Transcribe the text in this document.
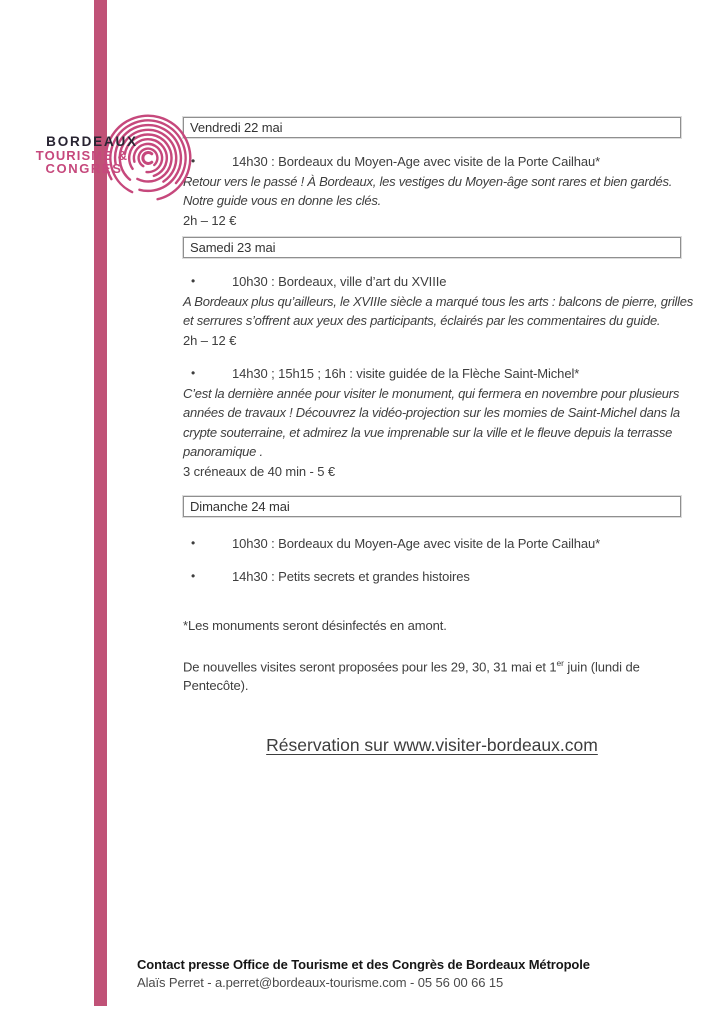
BORDEAUX
TOURISME &
CONGRÈS
Vendredi 22 mai
•	14h30 : Bordeaux du Moyen-Age avec visite de la Porte Cailhau*
Retour vers le passé ! À Bordeaux, les vestiges du Moyen-âge sont rares et bien gardés.
Notre guide vous en donne les clés.
2h – 12 €
Samedi 23 mai
•	10h30 : Bordeaux, ville d’art du XVIIIe
A Bordeaux plus qu’ailleurs, le XVIIIe siècle a marqué tous les arts : balcons de pierre, grilles
et serrures s’offrent aux yeux des participants, éclairés par les commentaires du guide.
2h – 12 €
•	14h30 ; 15h15 ; 16h : visite guidée de la Flèche Saint-Michel*
C’est la dernière année pour visiter le monument, qui fermera en novembre pour plusieurs
années de travaux ! Découvrez la vidéo-projection sur les momies de Saint-Michel dans la
crypte souterraine, et admirez la vue imprenable sur la ville et le fleuve depuis la terrasse
panoramique .
3 créneaux de 40 min - 5 €
Dimanche 24 mai
•	10h30 : Bordeaux du Moyen-Age avec visite de la Porte Cailhau*
•	14h30 : Petits secrets et grandes histoires

*Les monuments seront désinfectés en amont.

De nouvelles visites seront proposées pour les 29, 30, 31 mai et 1er juin (lundi de Pentecôte).

Réservation sur www.visiter-bordeaux.com
Contact presse Office de Tourisme et des Congrès de Bordeaux Métropole
Alaïs Perret - a.perret@bordeaux-tourisme.com - 05 56 00 66 15
